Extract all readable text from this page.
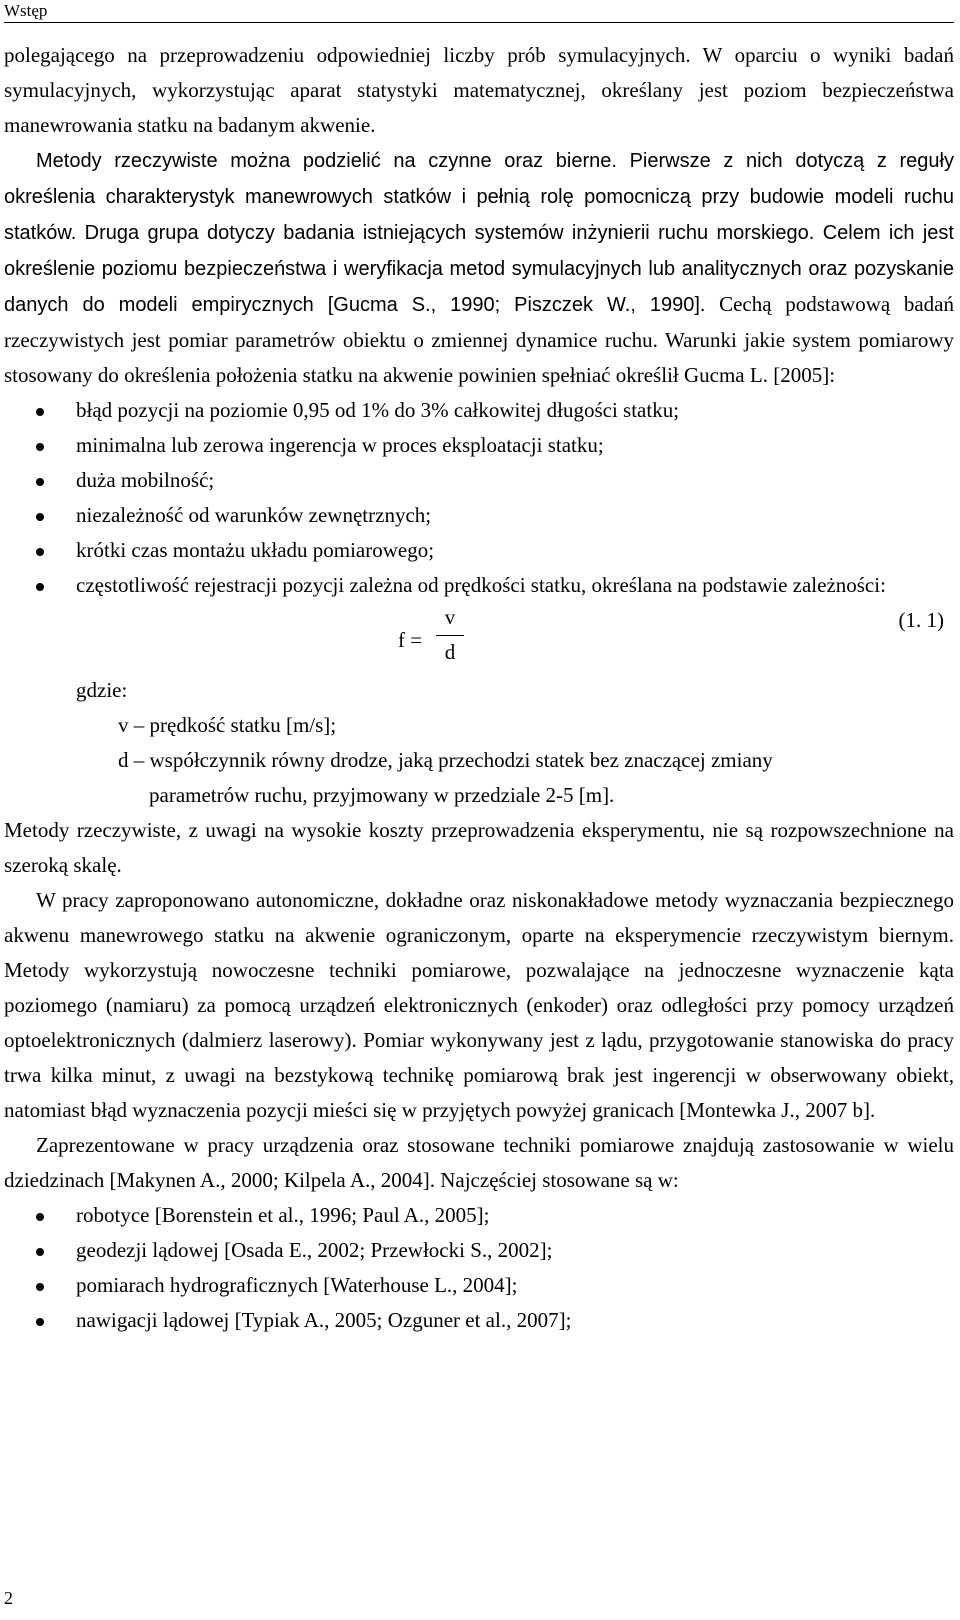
Wstęp

polegającego na przeprowadzeniu odpowiedniej liczby prób symulacyjnych. W oparciu o wyniki badań symulacyjnych, wykorzystując aparat statystyki matematycznej, określany jest poziom bezpieczeństwa manewrowania statku na badanym akwenie.

Metody rzeczywiste można podzielić na czynne oraz bierne. Pierwsze z nich dotyczą z reguły określenia charakterystyk manewrowych statków i pełnią rolę pomocniczą przy budowie modeli ruchu statków. Druga grupa dotyczy badania istniejących systemów inżynierii ruchu morskiego. Celem ich jest określenie poziomu bezpieczeństwa i weryfikacja metod symulacyjnych lub analitycznych oraz pozyskanie danych do modeli empirycznych [Gucma S., 1990; Piszczek W., 1990]. Cechą podstawową badań rzeczywistych jest pomiar parametrów obiektu o zmiennej dynamice ruchu. Warunki jakie system pomiarowy stosowany do określenia położenia statku na akwenie powinien spełniać określił Gucma L. [2005]:

błąd pozycji na poziomie 0,95 od 1% do 3% całkowitej długości statku;
minimalna lub zerowa ingerencja w proces eksploatacji statku;
duża mobilność;
niezależność od warunków zewnętrznych;
krótki czas montażu układu pomiarowego;
częstotliwość rejestracji pozycji zależna od prędkości statku, określana na podstawie zależności:
f =
v
d
(1. 1)

gdzie:

v – prędkość statku [m/s];

d – współczynnik równy drodze, jaką przechodzi statek bez znaczącej zmiany

parametrów ruchu, przyjmowany w przedziale 2-5 [m].

Metody rzeczywiste, z uwagi na wysokie koszty przeprowadzenia eksperymentu, nie są rozpowszechnione na szeroką skalę.

W pracy zaproponowano autonomiczne, dokładne oraz niskonakładowe metody wyznaczania bezpiecznego akwenu manewrowego statku na akwenie ograniczonym, oparte na eksperymencie rzeczywistym biernym. Metody wykorzystują nowoczesne techniki pomiarowe, pozwalające na jednoczesne wyznaczenie kąta poziomego (namiaru) za pomocą urządzeń elektronicznych (enkoder) oraz odległości przy pomocy urządzeń optoelektronicznych (dalmierz laserowy). Pomiar wykonywany jest z lądu, przygotowanie stanowiska do pracy trwa kilka minut, z uwagi na bezstykową technikę pomiarową brak jest ingerencji w obserwowany obiekt, natomiast błąd wyznaczenia pozycji mieści się w przyjętych powyżej granicach [Montewka J., 2007 b].

Zaprezentowane w pracy urządzenia oraz stosowane techniki pomiarowe znajdują zastosowanie w wielu dziedzinach [Makynen A., 2000; Kilpela A., 2004]. Najczęściej stosowane są w:

robotyce [Borenstein et al., 1996; Paul A., 2005];
geodezji lądowej [Osada E., 2002; Przewłocki S., 2002];
pomiarach hydrograficznych [Waterhouse L., 2004];
nawigacji lądowej [Typiak A., 2005; Ozguner et al., 2007];
2
